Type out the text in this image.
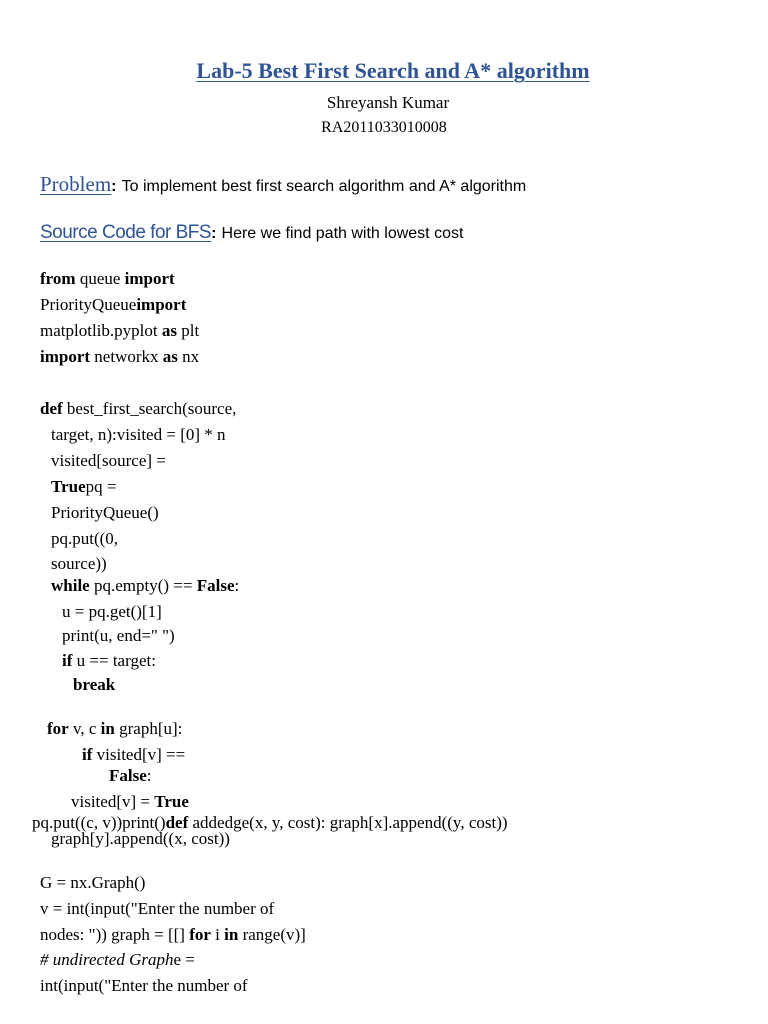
Lab-5 Best First Search and A* algorithm
Shreyansh Kumar
RA2011033010008
Problem: To implement best first search algorithm and A* algorithm
Source Code for BFS: Here we find path with lowest cost
from queue import
PriorityQueueimport
matplotlib.pyplot as plt
import networkx as nx
def best_first_search(source,
target, n):visited = [0] * n
visited[source] =
Truepq =
PriorityQueue()
pq.put((0,
source))
while pq.empty() == False:
u = pq.get()[1]
print(u, end=" ")
if u == target:
break
for v, c in graph[u]:
if visited[v] ==
False:
visited[v] = True
pq.put((c, v))print()def addedge(x, y, cost): graph[x].append((y, cost))
graph[y].append((x, cost))
G = nx.Graph()
v = int(input("Enter the number of
nodes: ")) graph = [[] for i in range(v)]
# undirected Graphe =
int(input("Enter the number of
